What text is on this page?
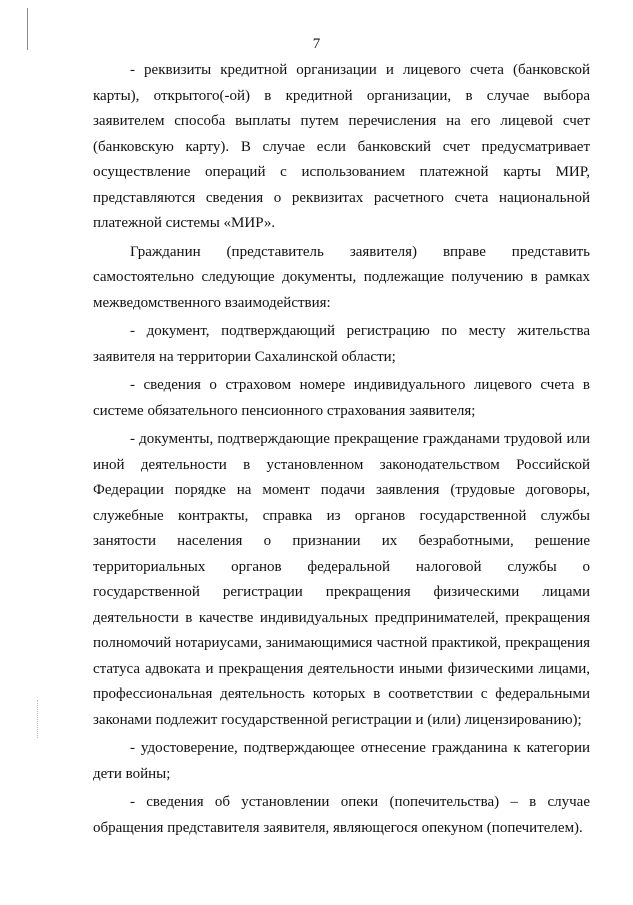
7

- реквизиты кредитной организации и лицевого счета (банковской карты), открытого(-ой) в кредитной организации, в случае выбора заявителем способа выплаты путем перечисления на его лицевой счет (банковскую карту). В случае если банковский счет предусматривает осуществление операций с использованием платежной карты МИР, представляются сведения о реквизитах расчетного счета национальной платежной системы «МИР».

Гражданин (представитель заявителя) вправе представить самостоятельно следующие документы, подлежащие получению в рамках межведомственного взаимодействия:

- документ, подтверждающий регистрацию по месту жительства заявителя на территории Сахалинской области;

- сведения о страховом номере индивидуального лицевого счета в системе обязательного пенсионного страхования заявителя;

- документы, подтверждающие прекращение гражданами трудовой или иной деятельности в установленном законодательством Российской Федерации порядке на момент подачи заявления (трудовые договоры, служебные контракты, справка из органов государственной службы занятости населения о признании их безработными, решение территориальных органов федеральной налоговой службы о государственной регистрации прекращения физическими лицами деятельности в качестве индивидуальных предпринимателей, прекращения полномочий нотариусами, занимающимися частной практикой, прекращения статуса адвоката и прекращения деятельности иными физическими лицами, профессиональная деятельность которых в соответствии с федеральными законами подлежит государственной регистрации и (или) лицензированию);

- удостоверение, подтверждающее отнесение гражданина к категории дети войны;

- сведения об установлении опеки (попечительства) – в случае обращения представителя заявителя, являющегося опекуном (попечителем).
